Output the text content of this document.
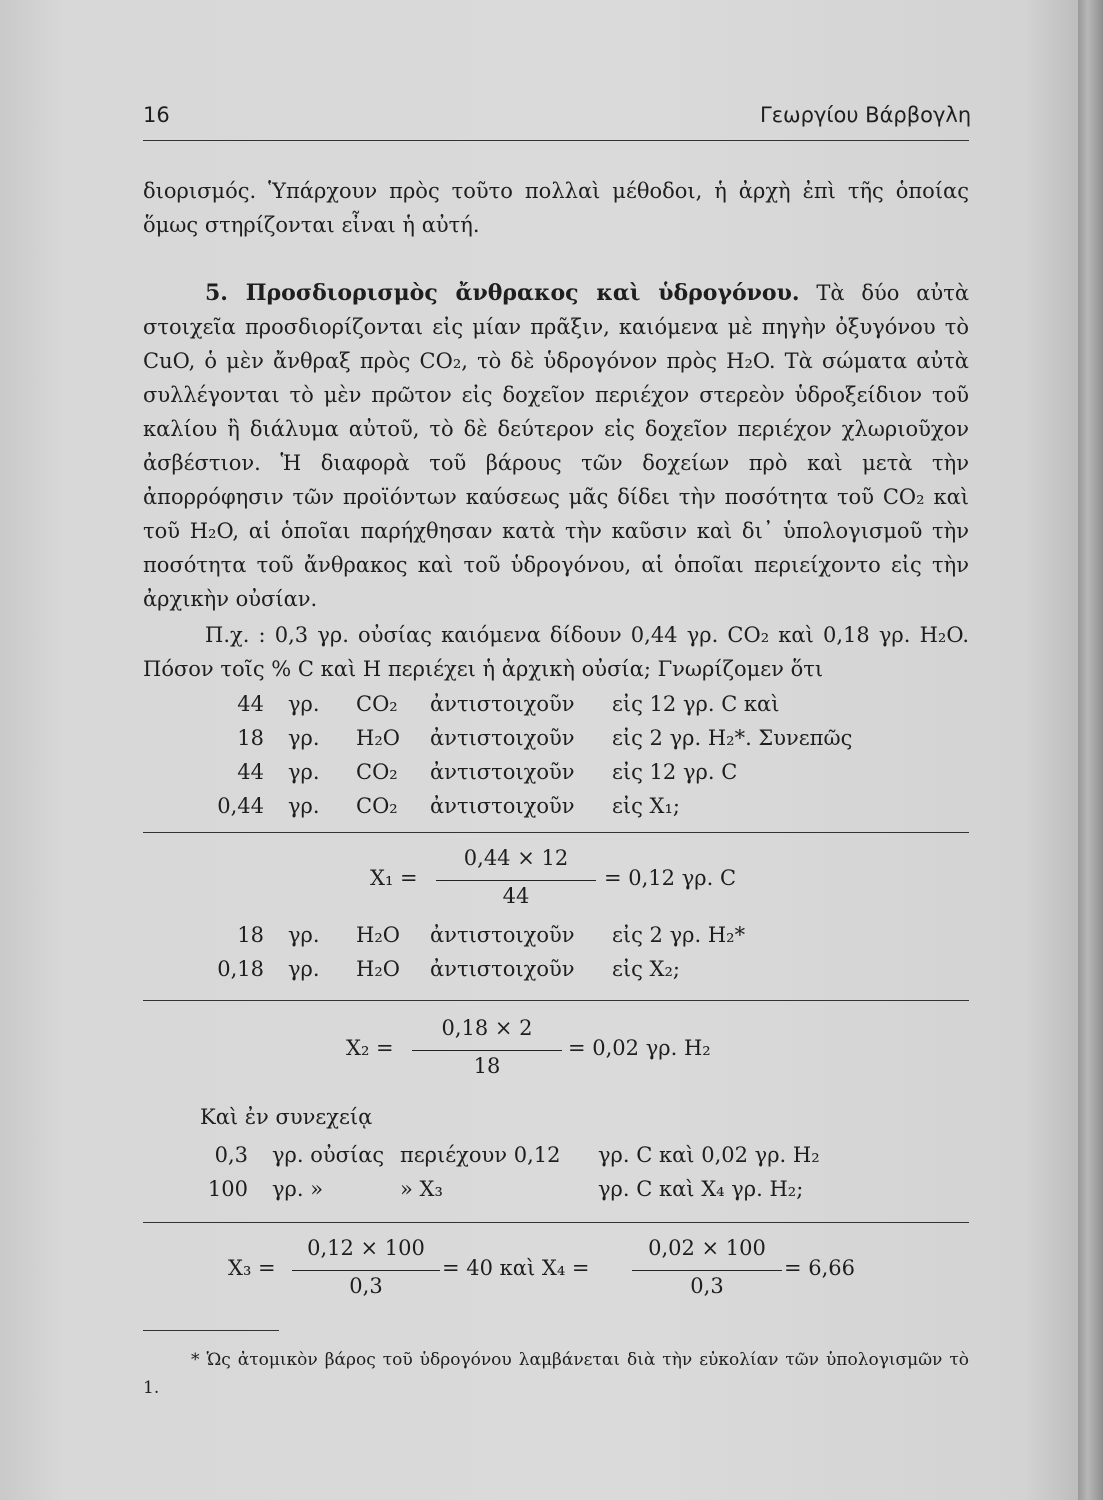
16	Γεωργίου Βάρβογλη
διορισμός. Ὑπάρχουν πρὸς τοῦτο πολλαὶ μέθοδοι, ἡ ἀρχὴ ἐπὶ τῆς ὁποίας ὅμως στηρίζονται εἶναι ἡ αὐτή.
5. Προσδιορισμὸς ἄνθρακος καὶ ὑδρογόνου. Τὰ δύο αὐτὰ στοιχεῖα προσδιορίζονται εἰς μίαν πρᾶξιν, καιόμενα μὲ πηγὴν ὀξυγόνου τὸ CuO, ὁ μὲν ἄνθραξ πρὸς CO₂, τὸ δὲ ὑδρογόνον πρὸς H₂O. Τὰ σώματα αὐτὰ συλλέγονται τὸ μὲν πρῶτον εἰς δοχεῖον περιέχον στερεὸν ὑδροξείδιον τοῦ καλίου ἢ διάλυμα αὐτοῦ, τὸ δὲ δεύτερον εἰς δοχεῖον περιέχον χλωριοῦχον ἀσβέστιον. Ἡ διαφορὰ τοῦ βάρους τῶν δοχείων πρὸ καὶ μετὰ τὴν ἀπορρόφησιν τῶν προϊόντων καύσεως μᾶς δίδει τὴν ποσότητα τοῦ CO₂ καὶ τοῦ H₂O, αἱ ὁποῖαι παρήχθησαν κατὰ τὴν καῦσιν καὶ δι᾽ ὑπολογισμοῦ τὴν ποσότητα τοῦ ἄνθρακος καὶ τοῦ ὑδρογόνου, αἱ ὁποῖαι περιείχοντο εἰς τὴν ἀρχικὴν οὐσίαν.
Π.χ. : 0,3 γρ. οὐσίας καιόμενα δίδουν 0,44 γρ. CO₂ καὶ 0,18 γρ. H₂O. Πόσον τοῖς % C καὶ H περιέχει ἡ ἀρχικὴ οὐσία; Γνωρίζομεν ὅτι
44 γρ. CO₂ ἀντιστοιχοῦν εἰς 12 γρ. C καὶ
18 γρ. H₂O ἀντιστοιχοῦν εἰς 2 γρ. H₂*. Συνεπῶς
44 γρ. CO₂ ἀντιστοιχοῦν εἰς 12 γρ. C
0,44 γρ. CO₂ ἀντιστοιχοῦν εἰς X₁;
X₁ =
0,44 × 12
44
= 0,12 γρ. C
18 γρ. H₂O ἀντιστοιχοῦν εἰς 2 γρ. H₂*
0,18 γρ. H₂O ἀντιστοιχοῦν εἰς X₂;
X₂ =
0,18 × 2
18
= 0,02 γρ. H₂
Καὶ ἐν συνεχείᾳ
0,3 γρ. οὐσίας περιέχουν 0,12 γρ. C καὶ 0,02 γρ. H₂
100 γρ. »	» X₃	γρ. C καὶ X₄ γρ. H₂;
X₃ =
0,12 × 100
0,3
= 40 καὶ X₄ =
0,02 × 100
0,3
= 6,66
* Ὡς ἀτομικὸν βάρος τοῦ ὑδρογόνου λαμβάνεται διὰ τὴν εὐκολίαν τῶν ὑπολογισμῶν τὸ 1.
